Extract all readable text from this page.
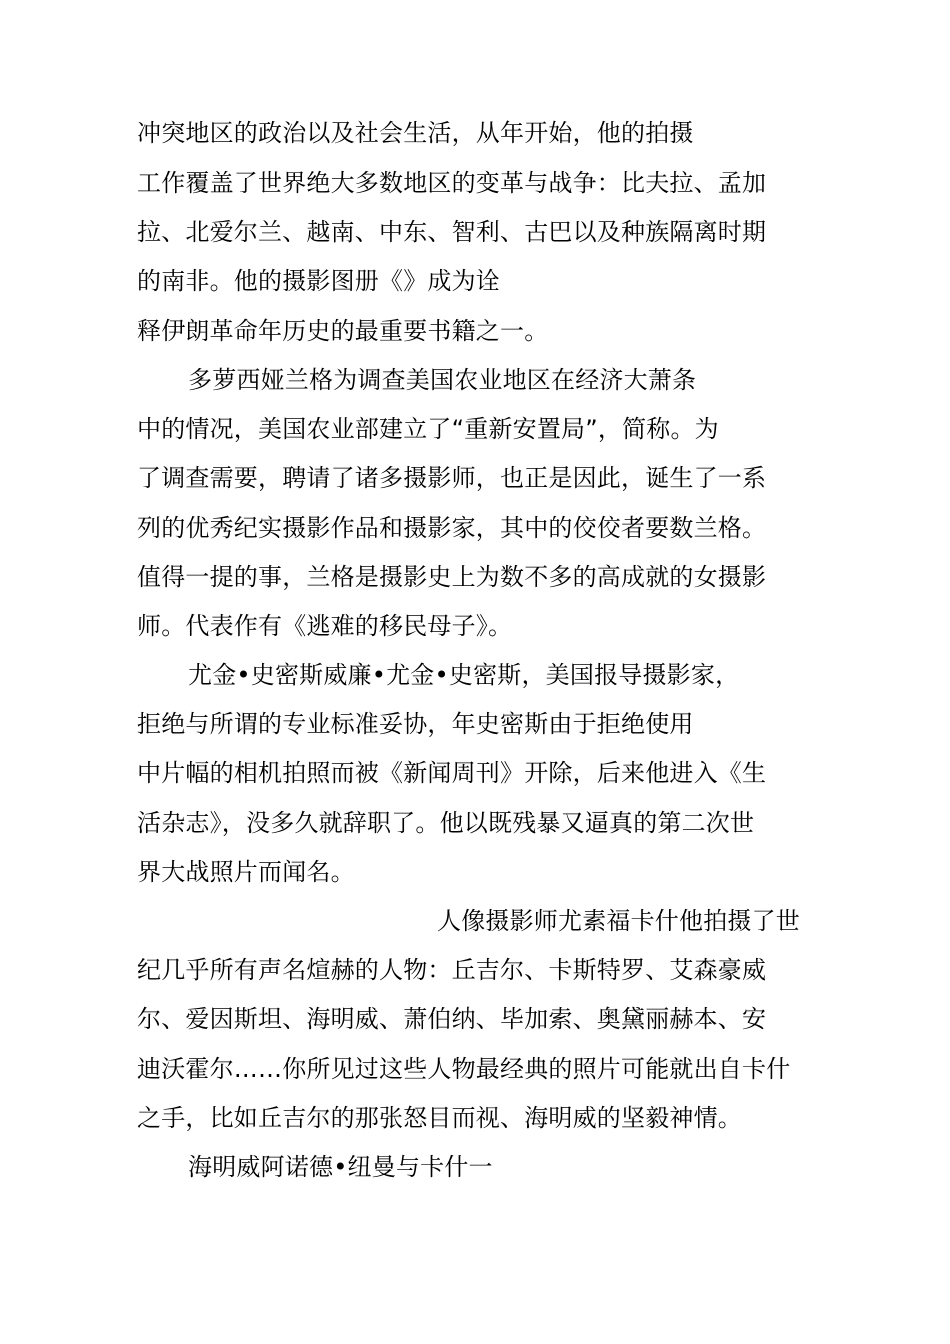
冲突地区的政治以及社会生活，从年开始，他的拍摄
工作覆盖了世界绝大多数地区的变革与战争：比夫拉、孟加
拉、北爱尔兰、越南、中东、智利、古巴以及种族隔离时期
的南非。他的摄影图册《》成为诠
释伊朗革命年历史的最重要书籍之一。
多萝西娅兰格为调查美国农业地区在经济大萧条
中的情况，美国农业部建立了“重新安置局”，简称。为
了调查需要，聘请了诸多摄影师，也正是因此，诞生了一系
列的优秀纪实摄影作品和摄影家，其中的佼佼者要数兰格。
值得一提的事，兰格是摄影史上为数不多的高成就的女摄影
师。代表作有《逃难的移民母子》。
尤金•史密斯威廉•尤金•史密斯，美国报导摄影家，
拒绝与所谓的专业标准妥协，年史密斯由于拒绝使用
中片幅的相机拍照而被《新闻周刊》开除，后来他进入《生
活杂志》，没多久就辞职了。他以既残暴又逼真的第二次世
界大战照片而闻名。
人像摄影师尤素福卡什他拍摄了世
纪几乎所有声名煊赫的人物：丘吉尔、卡斯特罗、艾森豪威
尔、爱因斯坦、海明威、萧伯纳、毕加索、奥黛丽赫本、安
迪沃霍尔……你所见过这些人物最经典的照片可能就出自卡什
之手，比如丘吉尔的那张怒目而视、海明威的坚毅神情。
海明威阿诺德•纽曼与卡什一
